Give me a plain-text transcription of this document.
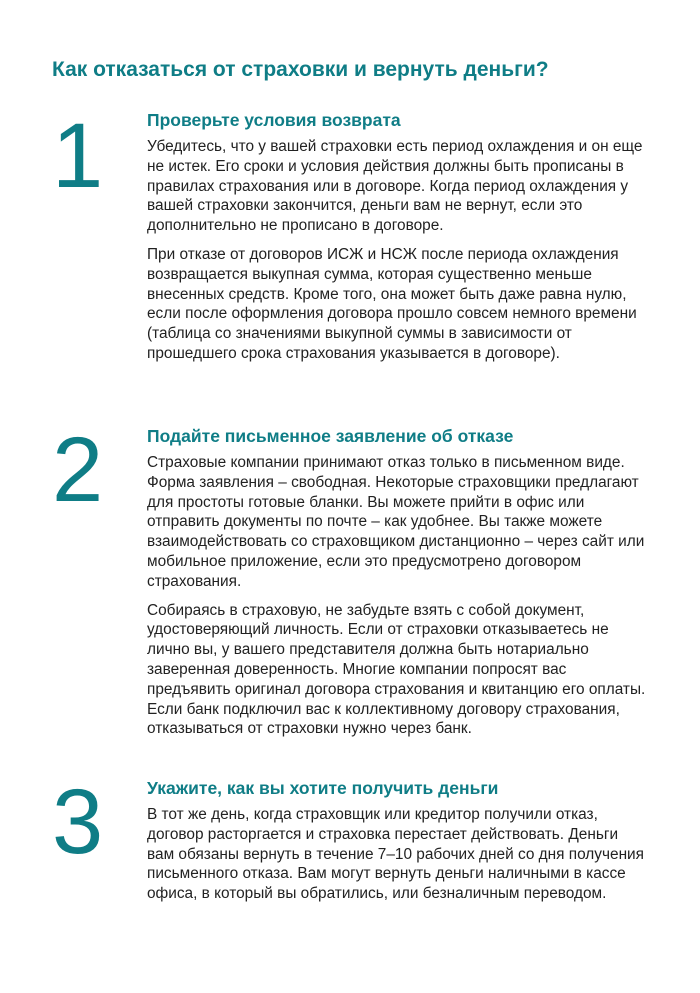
Как отказаться от страховки и вернуть деньги?
1	Проверьте условия возврата

Убедитесь, что у вашей страховки есть период охлаждения и он еще не истек. Его сроки и условия действия должны быть прописаны в правилах страхования или в договоре. Когда период охлаждения у вашей страховки закончится, деньги вам не вернут, если это дополнительно не прописано в договоре.

При отказе от договоров ИСЖ и НСЖ после периода охлаждения возвращается выкупная сумма, которая существенно меньше внесенных средств. Кроме того, она может быть даже равна нулю, если после оформления договора прошло совсем немного времени (таблица со значениями выкупной суммы в зависимости от прошедшего срока страхования указывается в договоре).

2	Подайте письменное заявление об отказе

Страховые компании принимают отказ только в письменном виде. Форма заявления – свободная. Некоторые страховщики предлагают для простоты готовые бланки. Вы можете прийти в офис или отправить документы по почте – как удобнее. Вы также можете взаимодействовать со страховщиком дистанционно – через сайт или мобильное приложение, если это предусмотрено договором страхования.

Собираясь в страховую, не забудьте взять с собой документ, удостоверяющий личность. Если от страховки отказываетесь не лично вы, у вашего представителя должна быть нотариально заверенная доверенность. Многие компании попросят вас предъявить оригинал договора страхования и квитанцию его оплаты. Если банк подключил вас к коллективному договору страхования, отказываться от страховки нужно через банк.

3	Укажите, как вы хотите получить деньги

В тот же день, когда страховщик или кредитор получили отказ, договор расторгается и страховка перестает действовать. Деньги вам обязаны вернуть в течение 7–10 рабочих дней со дня получения письменного отказа. Вам могут вернуть деньги наличными в кассе офиса, в который вы обратились, или безналичным переводом.
